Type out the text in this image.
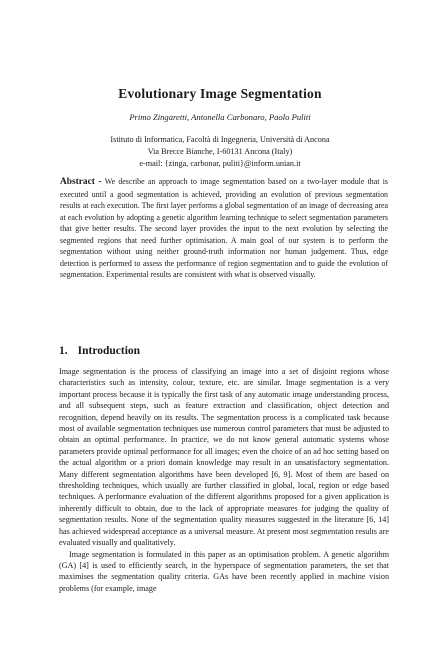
Evolutionary Image Segmentation
Primo Zingaretti, Antonella Carbonaro, Paolo Puliti
Istituto di Informatica, Facoltà di Ingegneria, Università di Ancona
Via Brecce Bianche, I-60131 Ancona (Italy)
e-mail: {zinga, carbonar, puliti}@inform.unian.it
Abstract - We describe an approach to image segmentation based on a two-layer module that is executed until a good segmentation is achieved, providing an evolution of previous segmentation results at each execution. The first layer performs a global segmentation of an image of decreasing area at each evolution by adopting a genetic algorithm learning technique to select segmentation parameters that give better results. The second layer provides the input to the next evolution by selecting the segmented regions that need further optimisation. A main goal of our system is to perform the segmentation without using neither ground-truth information nor human judgement. Thus, edge detection is performed to assess the performance of region segmentation and to guide the evolution of segmentation. Experimental results are consistent with what is observed visually.
1. Introduction

Image segmentation is the process of classifying an image into a set of disjoint regions whose characteristics such as intensity, colour, texture, etc. are similar. Image segmentation is a very important process because it is typically the first task of any automatic image understanding process, and all subsequent steps, such as feature extraction and classification, object detection and recognition, depend heavily on its results. The segmentation process is a complicated task because most of available segmentation techniques use numerous control parameters that must be adjusted to obtain an optimal performance. In practice, we do not know general automatic systems whose parameters provide optimal performance for all images; even the choice of an ad hoc setting based on the actual algorithm or a priori domain knowledge may result in an unsatisfactory segmentation. Many different segmentation algorithms have been developed [6, 9]. Most of them are based on thresholding techniques, which usually are further classified in global, local, region or edge based techniques. A performance evaluation of the different algorithms proposed for a given application is inherently difficult to obtain, due to the lack of appropriate measures for judging the quality of segmentation results. None of the segmentation quality measures suggested in the literature [6, 14] has achieved widespread acceptance as a universal measure. At present most segmentation results are evaluated visually and qualitatively.

Image segmentation is formulated in this paper as an optimisation problem. A genetic algorithm (GA) [4] is used to efficiently search, in the hyperspace of segmentation parameters, the set that maximises the segmentation quality criteria. GAs have been recently applied in machine vision problems (for example, image
